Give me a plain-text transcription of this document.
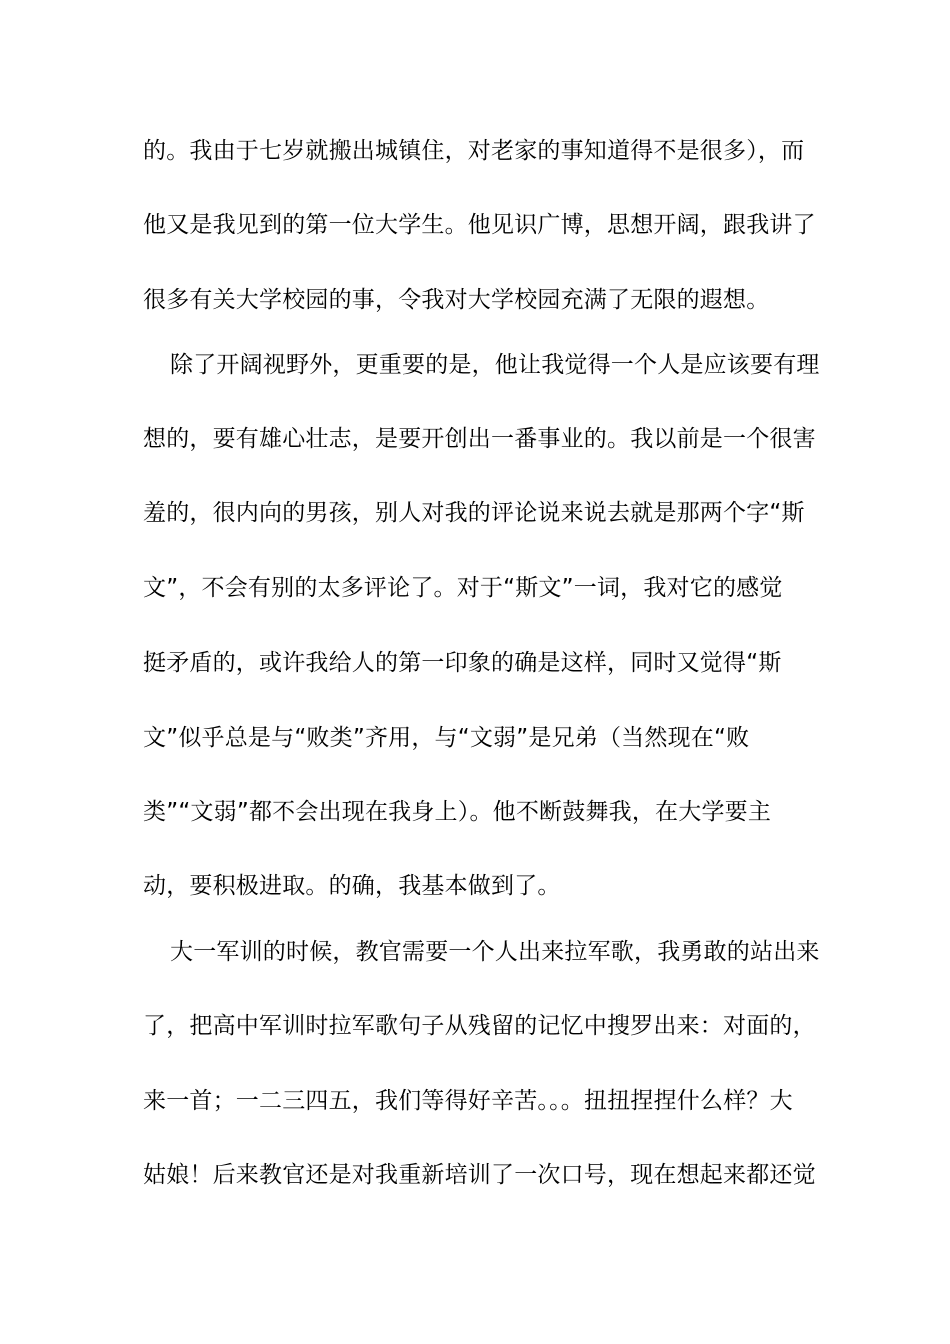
的。我由于七岁就搬出城镇住，对老家的事知道得不是很多），而
他又是我见到的第一位大学生。他见识广博，思想开阔，跟我讲了
很多有关大学校园的事，令我对大学校园充满了无限的遐想。
除了开阔视野外，更重要的是，他让我觉得一个人是应该要有理
想的，要有雄心壮志，是要开创出一番事业的。我以前是一个很害
羞的，很内向的男孩，别人对我的评论说来说去就是那两个字“斯
文”，不会有别的太多评论了。对于“斯文”一词，我对它的感觉
挺矛盾的，或许我给人的第一印象的确是这样，同时又觉得“斯
文”似乎总是与“败类”齐用，与“文弱”是兄弟（当然现在“败
类”“文弱”都不会出现在我身上）。他不断鼓舞我，在大学要主
动，要积极进取。的确，我基本做到了。
大一军训的时候，教官需要一个人出来拉军歌，我勇敢的站出来
了，把高中军训时拉军歌句子从残留的记忆中搜罗出来：对面的，
来一首；一二三四五，我们等得好辛苦。。。扭扭捏捏什么样？大
姑娘！后来教官还是对我重新培训了一次口号，现在想起来都还觉
